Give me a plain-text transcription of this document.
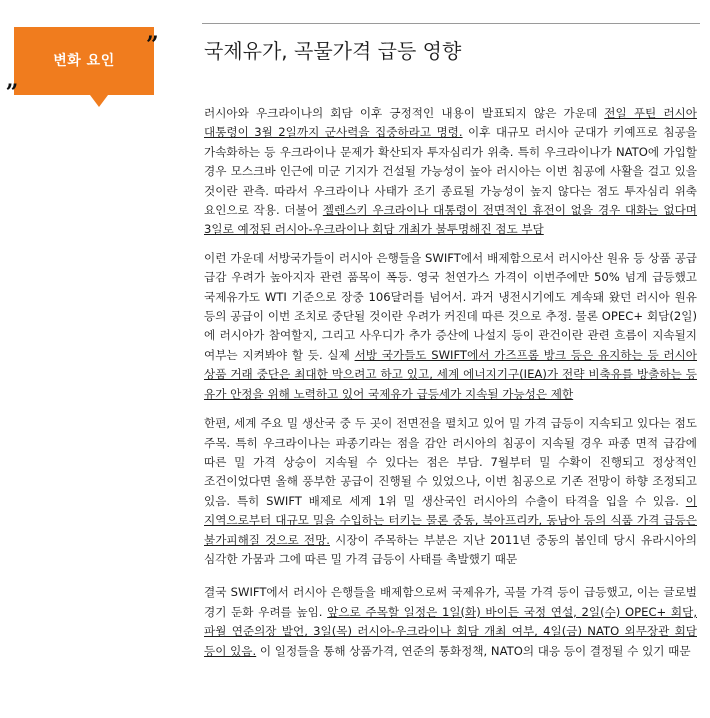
변화 요인
”
„
국제유가, 곡물가격 급등 영향

러시아와 우크라이나의 회담 이후 긍정적인 내용이 발표되지 않은 가운데 전일 푸틴 러시아 대통령이 3월 2일까지 군사력을 집중하라고 명령. 이후 대규모 러시아 군대가 키예프로 침공을 가속화하는 등 우크라이나 문제가 확산되자 투자심리가 위축. 특히 우크라이나가 NATO에 가입할 경우 모스크바 인근에 미군 기지가 건설될 가능성이 높아 러시아는 이번 침공에 사활을 걸고 있을 것이란 관측. 따라서 우크라이나 사태가 조기 종료될 가능성이 높지 않다는 점도 투자심리 위축 요인으로 작용. 더불어 젤렌스키 우크라이나 대통령이 전면적인 휴전이 없을 경우 대화는 없다며 3일로 예정된 러시아-우크라이나 회담 개최가 불투명해진 점도 부담

이런 가운데 서방국가들이 러시아 은행들을 SWIFT에서 배제함으로서 러시아산 원유 등 상품 공급 급감 우려가 높아지자 관련 품목이 폭등. 영국 천연가스 가격이 이번주에만 50% 넘게 급등했고 국제유가도 WTI 기준으로 장중 106달러를 넘어서. 과거 냉전시기에도 계속돼 왔던 러시아 원유 등의 공급이 이번 조치로 중단될 것이란 우려가 커진데 따른 것으로 추정. 물론 OPEC+ 회담(2일)에 러시아가 참여할지, 그리고 사우디가 추가 증산에 나설지 등이 관건이란 관련 흐름이 지속될지 여부는 지켜봐야 할 듯. 실제 서방 국가들도 SWIFT에서 가즈프롬 방크 등은 유지하는 등 러시아 상품 거래 중단은 최대한 막으려고 하고 있고, 세계 에너지기구(IEA)가 전략 비축유를 방출하는 등 유가 안정을 위해 노력하고 있어 국제유가 급등세가 지속될 가능성은 제한

한편, 세계 주요 밀 생산국 중 두 곳이 전면전을 펼치고 있어 밀 가격 급등이 지속되고 있다는 점도 주목. 특히 우크라이나는 파종기라는 점을 감안 러시아의 침공이 지속될 경우 파종 면적 급감에 따른 밀 가격 상승이 지속될 수 있다는 점은 부담. 7월부터 밀 수확이 진행되고 정상적인 조건이었다면 올해 풍부한 공급이 진행될 수 있었으나, 이번 침공으로 기존 전망이 하향 조정되고 있음. 특히 SWIFT 배제로 세계 1위 밀 생산국인 러시아의 수출이 타격을 입을 수 있음. 이 지역으로부터 대규모 밀을 수입하는 터키는 물론 중동, 북아프리카, 동남아 등의 식품 가격 급등은 불가피해질 것으로 전망. 시장이 주목하는 부분은 지난 2011년 중동의 봄인데 당시 유라시아의 심각한 가뭄과 그에 따른 밀 가격 급등이 사태를 촉발했기 때문

결국 SWIFT에서 러시아 은행들을 배제함으로써 국제유가, 곡물 가격 등이 급등했고, 이는 글로벌 경기 둔화 우려를 높임. 앞으로 주목할 일정은 1일(화) 바이든 국정 연설, 2일(수) OPEC+ 회담, 파월 연준의장 발언, 3일(목) 러시아-우크라이나 회담 개최 여부, 4일(금) NATO 외무장관 회담 등이 있음. 이 일정들을 통해 상품가격, 연준의 통화정책, NATO의 대응 등이 결정될 수 있기 때문
